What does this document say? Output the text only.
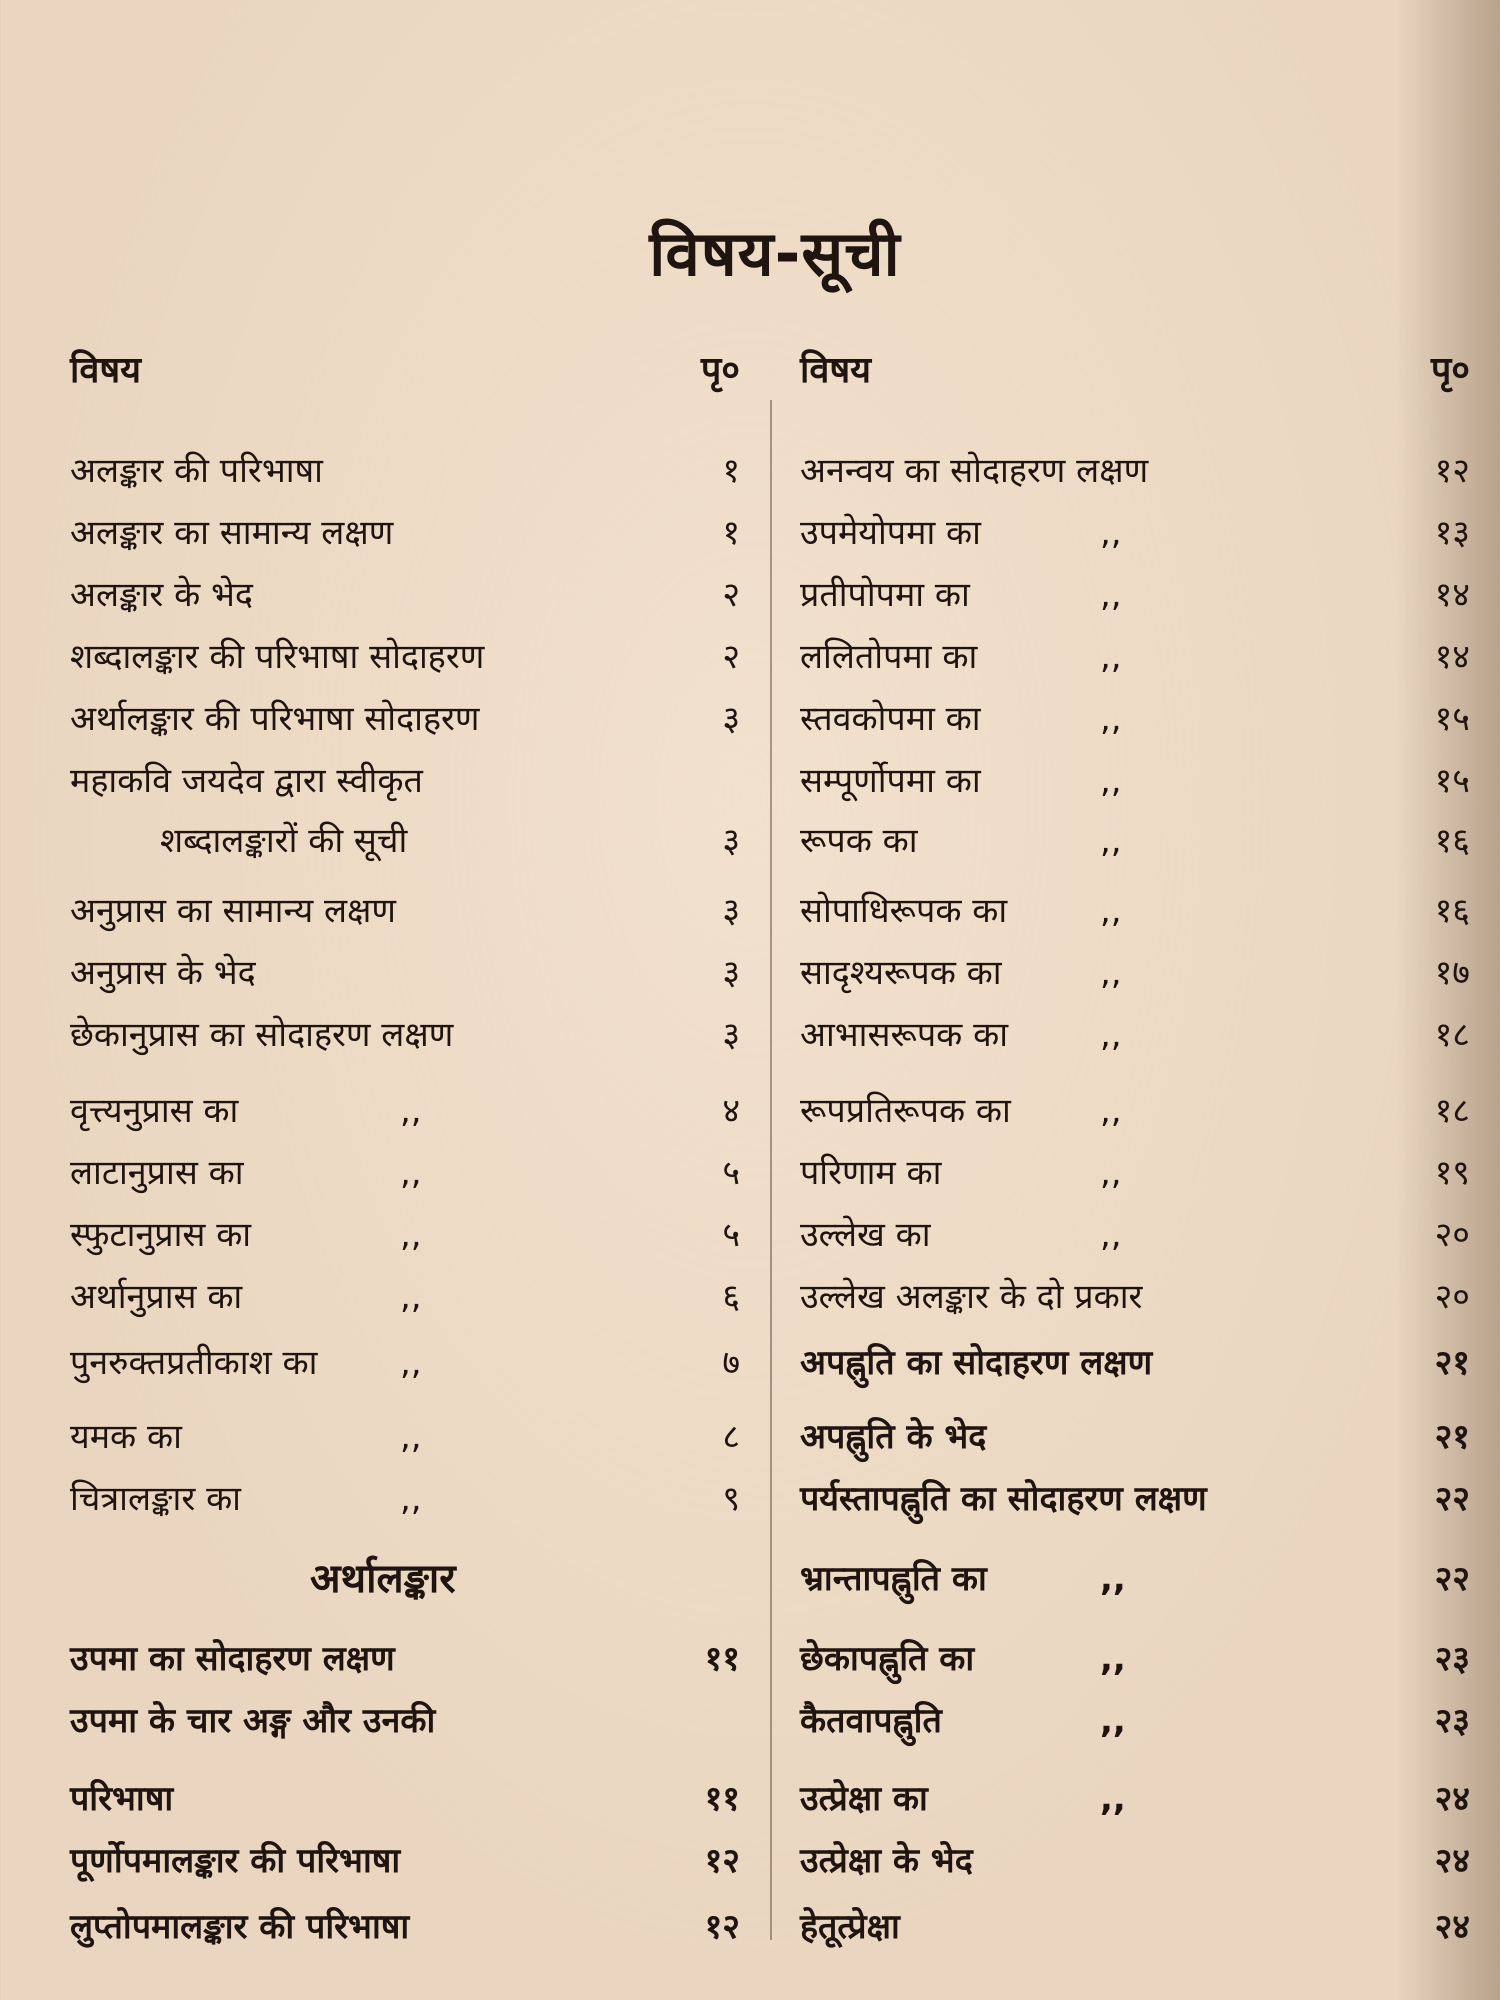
विषय-सूची
विषय	पृ०
अलङ्कार की परिभाषा	१
अलङ्कार का सामान्य लक्षण	१
अलङ्कार के भेद	२
शब्दालङ्कार की परिभाषा सोदाहरण	२
अर्थालङ्कार की परिभाषा सोदाहरण	३
महाकवि जयदेव द्वारा स्वीकृत
शब्दालङ्कारों की सूची	३
अनुप्रास का सामान्य लक्षण	३
अनुप्रास के भेद	३
छेकानुप्रास का सोदाहरण लक्षण	३
वृत्त्यनुप्रास का	,,	४
लाटानुप्रास का	,,	५
स्फुटानुप्रास का	,,	५
अर्थानुप्रास का	,,	६
पुनरुक्तप्रतीकाश का ,,	७
यमक का	,,	८
चित्रालङ्कार का	,,	९
अर्थालङ्कार
उपमा का सोदाहरण लक्षण	११
उपमा के चार अङ्ग और उनकी
परिभाषा	११
पूर्णोपमालङ्कार की परिभाषा	१२
लुप्तोपमालङ्कार की परिभाषा	१२
विषय	पृ०
अनन्वय का सोदाहरण लक्षण	१२
उपमेयोपमा का	,,	१३
प्रतीपोपमा का	,,	१४
ललितोपमा का	,,	१४
स्तवकोपमा का	,,	१५
सम्पूर्णोपमा का	,,	१५
रूपक का	,,	१६
सोपाधिरूपक का	,,	१६
सादृश्यरूपक का	,,	१७
आभासरूपक का	,,	१८
रूपप्रतिरूपक का	,,	१८
परिणाम का	,,	१९
उल्लेख का	,,	२०
उल्लेख अलङ्कार के दो प्रकार	२०
अपह्नुति का सोदाहरण लक्षण	२१
अपह्नुति के भेद	२१
पर्यस्तापह्नुति का सोदाहरण लक्षण	२२
भ्रान्तापह्नुति का	,,	२२
छेकापह्नुति का	,,	२३
कैतवापह्नुति	,,	२३
उत्प्रेक्षा का	,,	२४
उत्प्रेक्षा के भेद	२४
हेतूत्प्रेक्षा	२४
